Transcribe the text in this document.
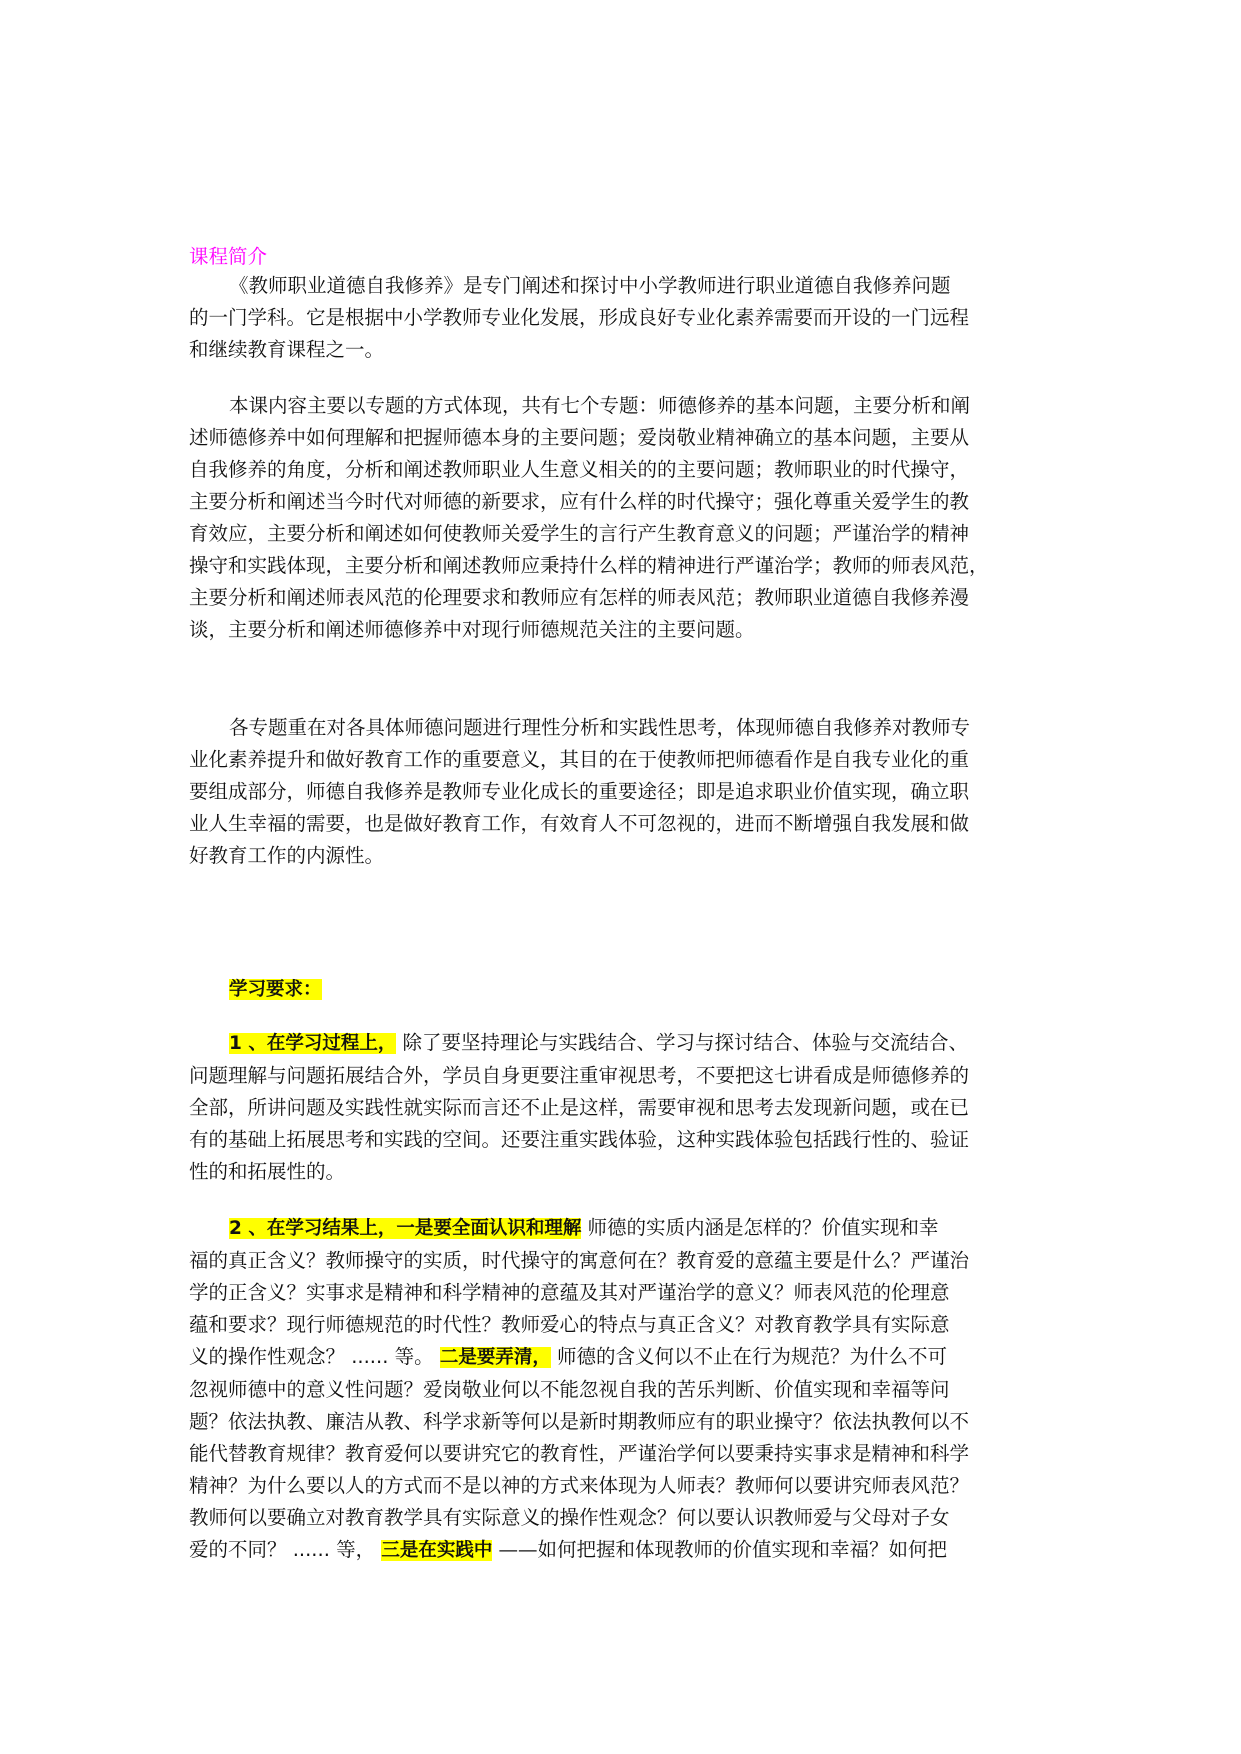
课程简介

《教师职业道德自我修养》是专门阐述和探讨中小学教师进行职业道德自我修养问题
的一门学科。它是根据中小学教师专业化发展，形成良好专业化素养需要而开设的一门远程
和继续教育课程之一。

本课内容主要以专题的方式体现，共有七个专题：师德修养的基本问题，主要分析和阐
述师德修养中如何理解和把握师德本身的主要问题；爱岗敬业精神确立的基本问题，主要从
自我修养的角度，分析和阐述教师职业人生意义相关的的主要问题；教师职业的时代操守，
主要分析和阐述当今时代对师德的新要求，应有什么样的时代操守；强化尊重关爱学生的教
育效应，主要分析和阐述如何使教师关爱学生的言行产生教育意义的问题；严谨治学的精神
操守和实践体现，主要分析和阐述教师应秉持什么样的精神进行严谨治学；教师的师表风范，
主要分析和阐述师表风范的伦理要求和教师应有怎样的师表风范；教师职业道德自我修养漫
谈，主要分析和阐述师德修养中对现行师德规范关注的主要问题。

各专题重在对各具体师德问题进行理性分析和实践性思考，体现师德自我修养对教师专
业化素养提升和做好教育工作的重要意义，其目的在于使教师把师德看作是自我专业化的重
要组成部分，师德自我修养是教师专业化成长的重要途径；即是追求职业价值实现，确立职
业人生幸福的需要，也是做好教育工作，有效育人不可忽视的，进而不断增强自我发展和做
好教育工作的内源性。

学习要求：

1 、在学习过程上， 除了要坚持理论与实践结合、学习与探讨结合、体验与交流结合、
问题理解与问题拓展结合外，学员自身更要注重审视思考，不要把这七讲看成是师德修养的
全部，所讲问题及实践性就实际而言还不止是这样，需要审视和思考去发现新问题，或在已
有的基础上拓展思考和实践的空间。还要注重实践体验，这种实践体验包括践行性的、验证
性的和拓展性的。

2 、在学习结果上，一是要全面认识和理解 师德的实质内涵是怎样的？价值实现和幸
福的真正含义？教师操守的实质，时代操守的寓意何在？教育爱的意蕴主要是什么？严谨治
学的正含义？实事求是精神和科学精神的意蕴及其对严谨治学的意义？师表风范的伦理意
蕴和要求？现行师德规范的时代性？教师爱心的特点与真正含义？对教育教学具有实际意
义的操作性观念？ ...... 等。 二是要弄清， 师德的含义何以不止在行为规范？为什么不可
忽视师德中的意义性问题？爱岗敬业何以不能忽视自我的苦乐判断、价值实现和幸福等问
题？依法执教、廉洁从教、科学求新等何以是新时期教师应有的职业操守？依法执教何以不
能代替教育规律？教育爱何以要讲究它的教育性，严谨治学何以要秉持实事求是精神和科学
精神？为什么要以人的方式而不是以神的方式来体现为人师表？教师何以要讲究师表风范？
教师何以要确立对教育教学具有实际意义的操作性观念？何以要认识教师爱与父母对子女
爱的不同？ ...... 等， 三是在实践中 ——如何把握和体现教师的价值实现和幸福？如何把
